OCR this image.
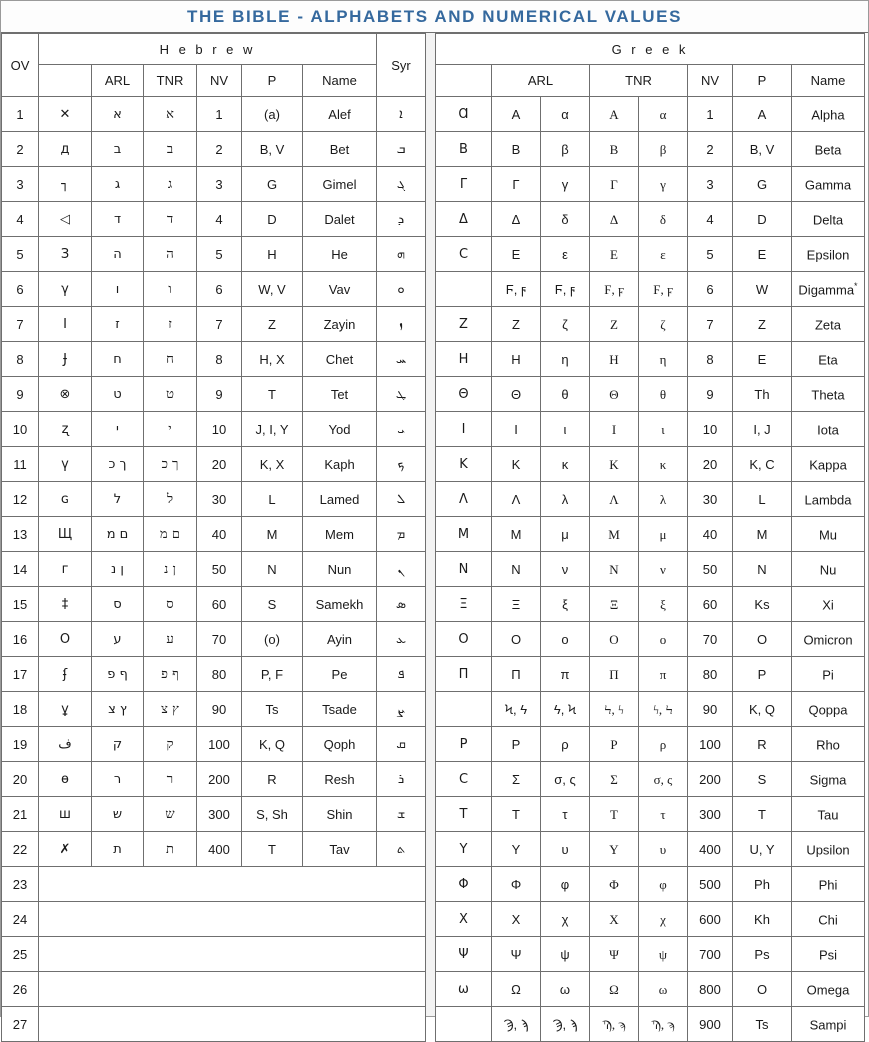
THE BIBLE - ALPHABETS AND NUMERICAL VALUES
OV	H e b r e w						Syr
		ARL	TNR	NV	P	Name	
1	✕	א	א	1	(a)	Alef	ܐ
2	д	ב	ב	2	B, V	Bet	ܒ
3	┐	ג	ג	3	G	Gimel	ܓ
4	◁	ד	ד	4	D	Dalet	ܕ
5	З	ה	ה	5	H	He	ܗ
6	γ	ו	ו	6	W, V	Vav	ܘ
7	I	ז	ז	7	Z	Zayin	ܙ
8	Ɉ	ח	ח	8	H, X	Chet	ܚ
9	⊗	ט	ט	9	T	Tet	ܛ
10	ʐ	י	י	10	J, I, Y	Yod	ܝ
11	ү	ך כ	ך כ	20	K, X	Kaph	ܟ
12	ɢ	ל	ל	30	L	Lamed	ܠ
13	Щ	ם מ	ם מ	40	M	Mem	ܡ
14	г	ן נ	ן נ	50	N	Nun	ܢ
15	‡	ס	ס	60	S	Samekh	ܣ
16	O	ע	ע	70	(o)	Ayin	ܥ
17	ʄ	ף פ	ף פ	80	P, F	Pe	ܦ
18	ұ	ץ צ	ץ צ	90	Ts	Tsade	ܨ
19	ف	ק	ק	100	K, Q	Qoph	ܩ
20	ө	ר	ר	200	R	Resh	ܪ
21	ш	ש	ש	300	S, Sh	Shin	ܫ
22	✗	ת	ת	400	T	Tav	ܬ
23							
24							
25							
26							
27							
G r e e k							
	ARL		TNR		NV	P	Name
Ɑ	A	α	A	α	1	A	Alpha
B	B	β	B	β	2	B, V	Beta
Γ	Γ	γ	Γ	γ	3	G	Gamma
Δ	Δ	δ	Δ	δ	4	D	Delta
Ϲ	E	ε	E	ε	5	E	Epsilon
	Ϝ, ϝ	Ϝ, ϝ	Ϝ, ϝ	Ϝ, ϝ	6	W	Digamma*
Z	Z	ζ	Z	ζ	7	Z	Zeta
H	H	η	H	η	8	E	Eta
Θ	Θ	θ	Θ	θ	9	Th	Theta
I	I	ι	I	ι	10	I, J	Iota
K	K	κ	K	κ	20	K, C	Kappa
Λ	Λ	λ	Λ	λ	30	L	Lambda
M	M	μ	M	μ	40	M	Mu
N	N	ν	N	ν	50	N	Nu
Ξ	Ξ	ξ	Ξ	ξ	60	Ks	Xi
O	O	o	O	o	70	O	Omicron
Π	Π	π	Π	π	80	P	Pi
	Ϟ, ϟ	ϟ, Ϟ	Ϟ, ϟ	ϟ, Ϟ	90	K, Q	Qoppa
P	P	ρ	P	ρ	100	R	Rho
C	Σ	σ, ς	Σ	σ, ς	200	S	Sigma
T	T	τ	T	τ	300	T	Tau
Y	Y	υ	Y	υ	400	U, Y	Upsilon
Φ	Φ	φ	Φ	φ	500	Ph	Phi
X	X	χ	X	χ	600	Kh	Chi
Ψ	Ψ	ψ	Ψ	ψ	700	Ps	Psi
ѡ	Ω	ω	Ω	ω	800	O	Omega
	Ϡ, ϡ	Ϡ, ϡ	Ϡ, ϡ	Ϡ, ϡ	900	Ts	Sampi
